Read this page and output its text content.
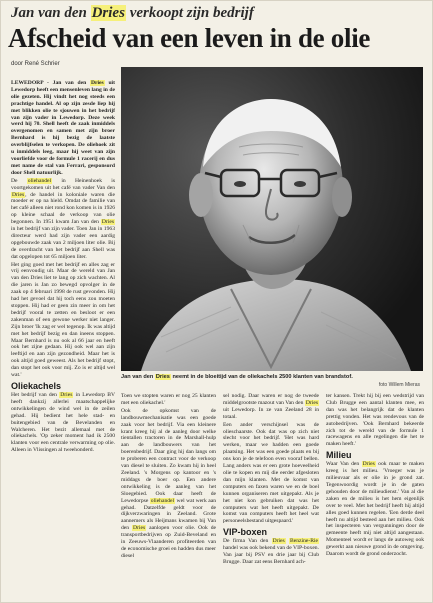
Jan van den Dries verkoopt zijn bedrijf
Afscheid van een leven in de olie
door René Schrier

LEWEDORP - Jan van den Dries uit Lewedorp heeft een mensenleven lang in de olie gezeten. Hij vindt het nog steeds een prachtige handel. Al op zijn zesde liep hij met blikken olie te sjouwen in het bedrijf van zijn vader in Lewedorp. Deze week werd hij 70. Shell heeft de zaak inmiddels overgenomen en samen met zijn broer Bernhard is hij bezig de laatste overblijfselen te verkopen. De oliehoek zit u inmiddels leeg, maar hij weet van zijn voorliefde voor de formule 1 racerij en dus met name de stal van Ferrari, gesponsord door Shell natuurlijk.

De oliehandel in Heinenhoek is voortgekomen uit het café van vader Van den Dries, de handel in koloniale waren die moeder er op na hield. Omdat de familie van het café alleen niet rond kon komen is in 1926 op kleine schaal de verkoop van olie begonnen. In 1951 kwam Jan van den Dries in het bedrijf van zijn vader. Toen Jan in 1963 directeur werd had zijn vader een aardig opgebouwde zaak van 2 miljoen liter olie. Bij de overdracht van het bedrijf aan Shell was dat opgelopen tot 65 miljoen liter.

Het ging goed met het bedrijf en alles zag er vrij eenvoudig uit. Maar de wereld van Jan van den Dries liet te lang op zich wachten. Al die jaren is Jan zo bewegd opvolger in de zaak op 4 februari 1998 de rust gevonden. Hij had het gevoel dat hij toch eens zou moeten stoppen. Hij had er geen zin meer in om het bedrijf vooral te zetten en besloot er een zakenman of een gewone werker niet langer. Zijn broer 'Ik zag er wel tegenop. Ik was altijd met het bedrijf bezig en dan ineens stoppen. Maar Bernhard is nu ook al 66 jaar en heeft ook het zijne gedaan. Hij ook wel aan zijn leeftijd en aan zijn gezondheid. Maar het is ook altijd goed geweest. Als het bedrijf stopt, dan stopt het ook voor mij. Zo is er altijd wel wat.'

Oliekachels

Het bedrijf van den Dries in Lewedorp BV heeft dankzij allerlei maatschappelijke ontwikkelingen de wind wel in de zeilen gehad. Hij bedient het hele stad- en buitengebied van de Bevelanden en Walcheren. Het bezit allemaal met de oliekachels. 'Op zeker moment had ik 2500 klanten voor een centrale verwarming op olie. Alleen in Vlissingen al tweehonderd.

Jan van den Dries neemt in de bloeitijd van de oliekachels 2500 klanten van brandstof.
foto Willem Mieras

Toen we stopten waren er nog 25 klanten met een oliekachel.'

Ook de opkomst van de landbouwmechanisatie was een goede zaak voor het bedrijf. Via een kleinere krant kreeg hij al de aanleg door welke tientallen tractoren in de Marshall-hulp aan de landbouwers van het boerenbedrijf. Daar ging hij dan langs om te proberen een contract voor de verkoop van diesel te sluiten. Zo kwam hij in heel Zeeland. 's Morgens op kantoor en 's middags de boer op. Een andere ontwikkeling is de aanleg van het Sloegebied. Ook daar heeft de Lewedorpse oliehandel wel wat werk aan gehad. Datzelfde geldt voor de dijkverzwaringen in Zeeland. Grote aannemers als Heijmans kwamen bij Van den Dries aanlopen voor olie. Ook de transportbedrijven op Zuid-Beveland en in Zeeuws-Vlaanderen profiteerden van de economische groei en hadden dus meer diesel

sel nodig. Daar waren er nog de tweede middelgrootste mazout van Van den Dries uit Lewedorp. In ze van Zeeland 28 in totaal.

Een ander verschijnsel was de olieschaarste. Ook dat was op zich niet slecht voor het bedrijf. 'Het was hard werken, maar we hadden een goede plaatsing. Het was een goede plaats en bij ons kon je de telefoon even vooraf bellen. Lang anders was er een grote hoeveelheid olie te kopen en mij die eerder afgesloten dan mijn klanten. Met de komst van computers en faxen waren we en de boel kunnen organiseren met uitgepakt. Als je het niet kon gebruiken dat was het computers wat het heeft uitgepakt. De komst van computers heeft het heel wat personeelsbestand uitgespaard.'

VIP-boxen

De firma Van den Dries Benzine-Rie handel was ook bekend van de VIP-boxen. Van jaar bij PSV en drie jaar bij Club Brugge. Daar zat eens Bernhard ach-

ter kansen. Trekt hij bij een wedstrijd van Club Brugge een aantal klanten mee, en dan was het belangrijk dat de klanten prettig vonden. Het was rendevous van de autobedrijven. 'Ook Bernhard bekeerde zich tot de wereld van de formule 1 racewagens en alle regelingen die het te maken heeft.'

Milieu

Waar Van den Dries ook maar te maken kreeg is het milieu. 'Vroeger was je milieuvaar als er olie in je grond zat. Tegenwoordig wordt je in de gaten gehouden door de milieudienst.' Van al die zaken en de milieu is het hem eigenlijk over te veel. Met het bedrijf heeft hij altijd alles goed kunnen regelen. 'Een derde deel heeft nu altijd besteed aan het milieu. Ook het inspecteren van vergunningen door de gemeente heeft mij niet altijd aangestaan. Momenteel wordt er langs de autoweg ook gewerkt aan nieuwe grond in de omgeving. Daarom wordt de grond onderzocht.
